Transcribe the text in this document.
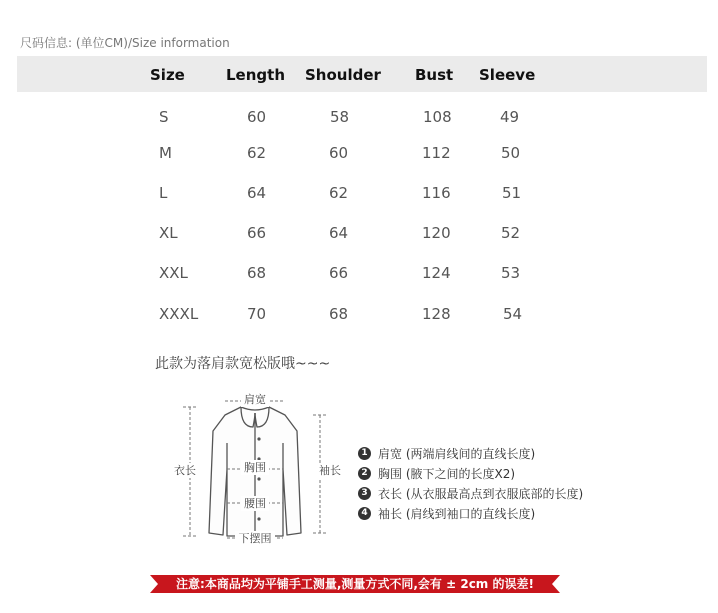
尺码信息: (单位CM)/Size information
Size	Length Shoulder Bust Sleeve
S	60	58	108	49
M	62	60	112	50
L	64	62	116	51
XL	66	64	120	52
XXL	68	66	124	53
XXXL	70	68	128	54
此款为落肩款宽松版哦~~~
肩宽
胸围
腰围
下摆围
衣长	袖长
1 肩宽 (两端肩线间的直线长度)
2 胸围 (腋下之间的长度X2)
3 衣长 (从衣服最高点到衣服底部的长度)
4 袖长 (肩线到袖口的直线长度)
注意:本商品均为平铺手工测量,测量方式不同,会有 ± 2cm 的误差!
